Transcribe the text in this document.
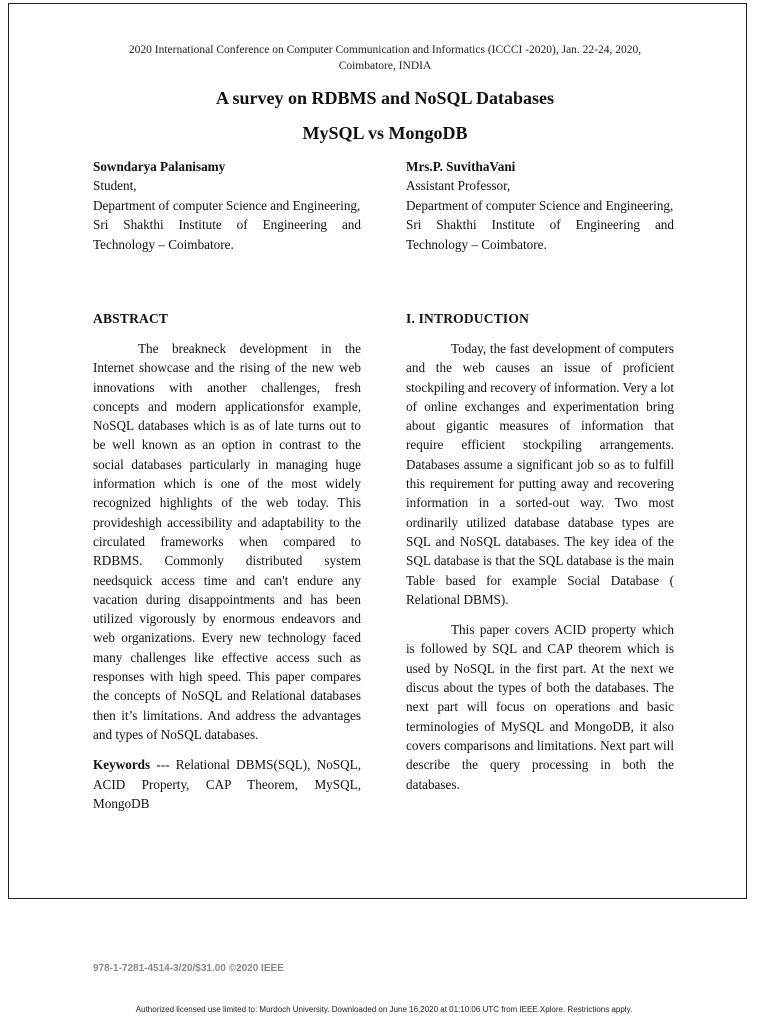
2020 International Conference on Computer Communication and Informatics (ICCCI -2020), Jan. 22-24, 2020,
Coimbatore, INDIA
A survey on RDBMS and NoSQL Databases
MySQL vs MongoDB
Sowndarya Palanisamy
Student,
Department of computer Science and Engineering,
Sri Shakthi Institute of Engineering and Technology – Coimbatore.
Mrs.P. SuvithaVani
Assistant Professor,
Department of computer Science and Engineering,
Sri Shakthi Institute of Engineering and Technology – Coimbatore.
ABSTRACT

The breakneck development in the Internet showcase and the rising of the new web innovations with another challenges, fresh concepts and modern applicationsfor example, NoSQL databases which is as of late turns out to be well known as an option in contrast to the social databases particularly in managing huge information which is one of the most widely recognized highlights of the web today. This provideshigh accessibility and adaptability to the circulated frameworks when compared to RDBMS. Commonly distributed system needsquick access time and can't endure any vacation during disappointments and has been utilized vigorously by enormous endeavors and web organizations. Every new technology faced many challenges like effective access such as responses with high speed. This paper compares the concepts of NoSQL and Relational databases then it’s limitations. And address the advantages and types of NoSQL databases.

Keywords --- Relational DBMS(SQL), NoSQL, ACID Property, CAP Theorem, MySQL, MongoDB

I. INTRODUCTION

Today, the fast development of computers and the web causes an issue of proficient stockpiling and recovery of information. Very a lot of online exchanges and experimentation bring about gigantic measures of information that require efficient stockpiling arrangements. Databases assume a significant job so as to fulfill this requirement for putting away and recovering information in a sorted-out way. Two most ordinarily utilized database database types are SQL and NoSQL databases. The key idea of the SQL database is that the SQL database is the main Table based for example Social Database ( Relational DBMS).

This paper covers ACID property which is followed by SQL and CAP theorem which is used by NoSQL in the first part. At the next we discus about the types of both the databases. The next part will focus on operations and basic terminologies of MySQL and MongoDB, it also covers comparisons and limitations. Next part will describe the query processing in both the databases.

978-1-7281-4514-3/20/$31.00 ©2020 IEEE
Authorized licensed use limited to: Murdoch University. Downloaded on June 16,2020 at 01:10:06 UTC from IEEE Xplore. Restrictions apply.
